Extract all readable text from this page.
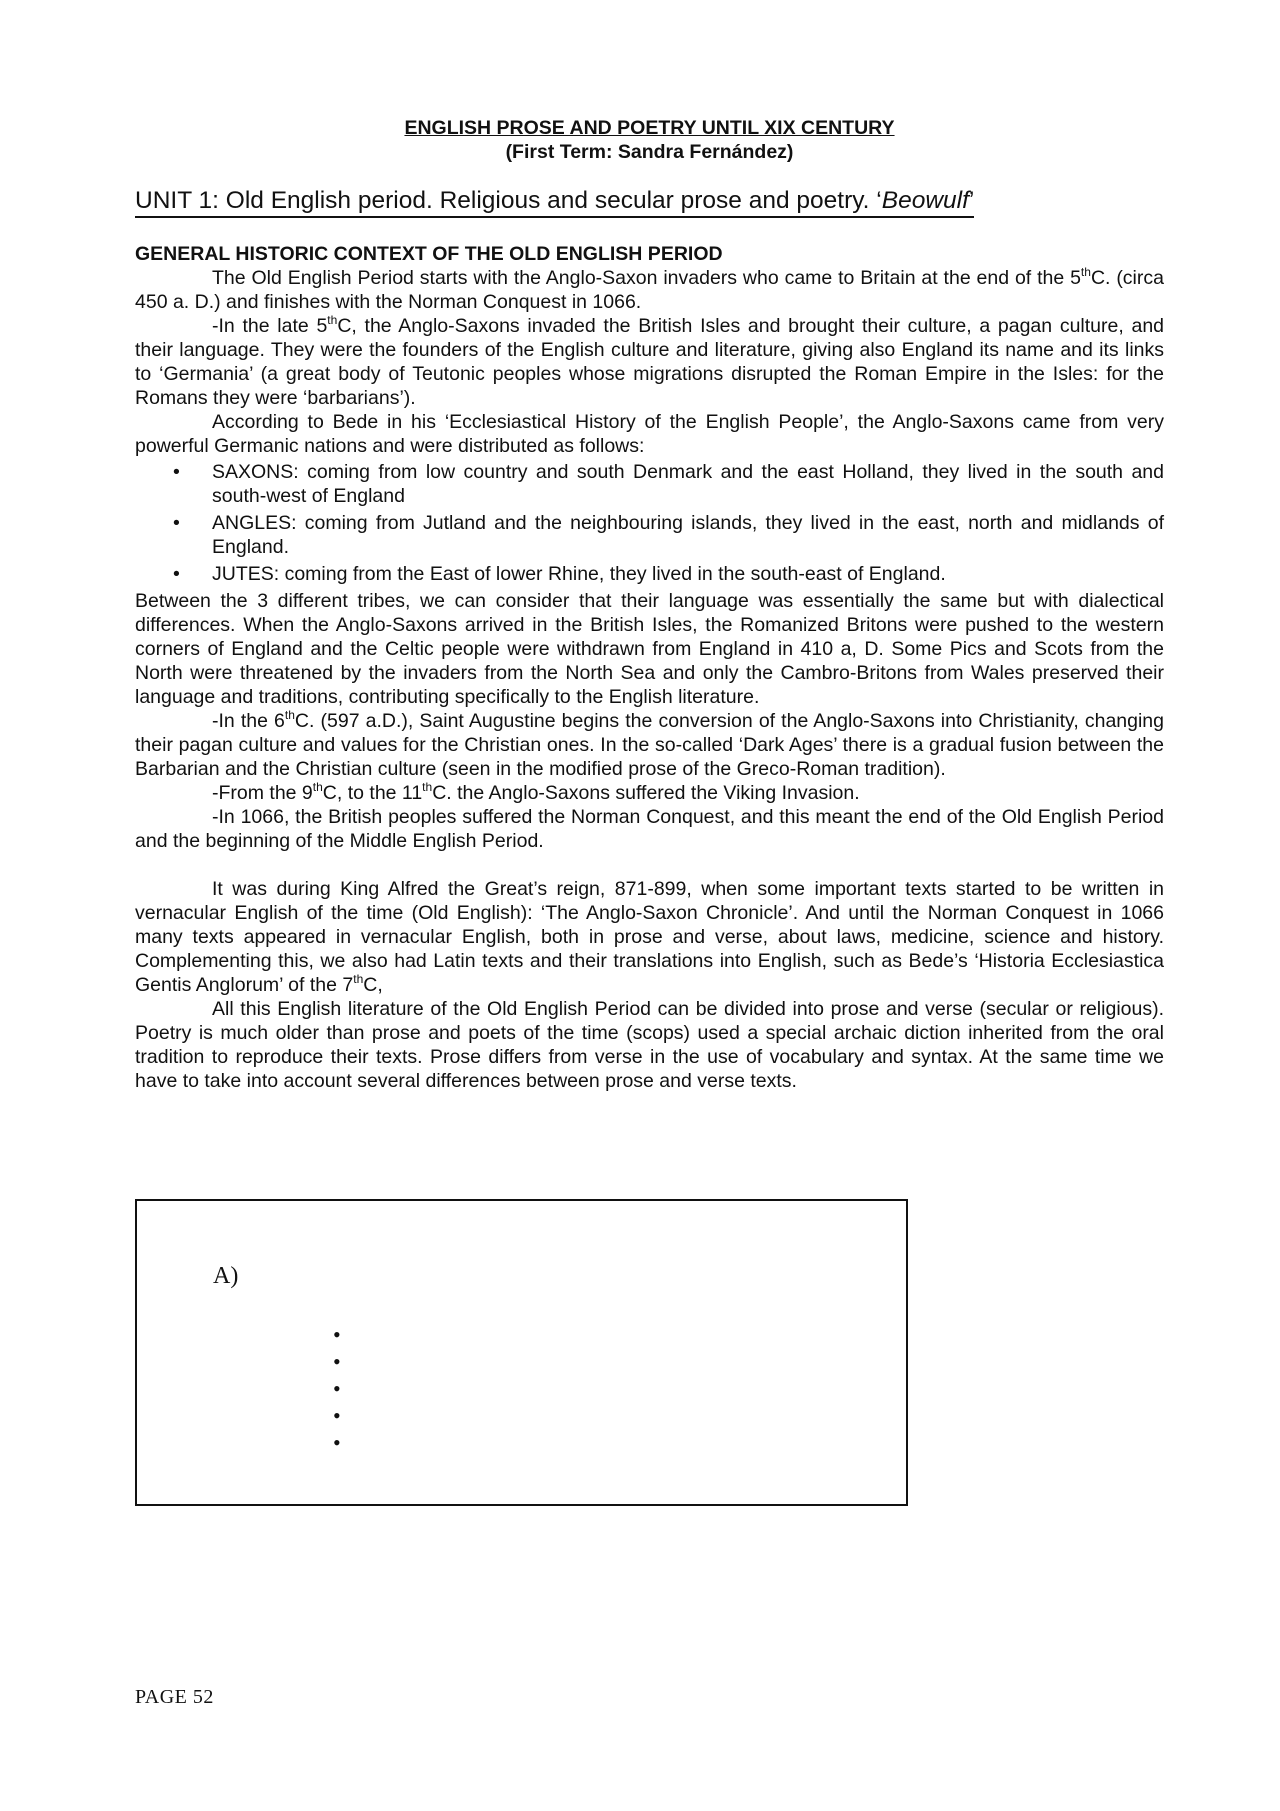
ENGLISH PROSE AND POETRY UNTIL XIX CENTURY
(First Term: Sandra Fernández)
UNIT 1: Old English period. Religious and secular prose and poetry. ‘Beowulf’
GENERAL HISTORIC CONTEXT OF THE OLD ENGLISH PERIOD

The Old English Period starts with the Anglo-Saxon invaders who came to Britain at the end of the 5thC. (circa 450 a. D.) and finishes with the Norman Conquest in 1066.

-In the late 5thC, the Anglo-Saxons invaded the British Isles and brought their culture, a pagan culture, and their language. They were the founders of the English culture and literature, giving also England its name and its links to ‘Germania’ (a great body of Teutonic peoples whose migrations disrupted the Roman Empire in the Isles: for the Romans they were ‘barbarians’).

According to Bede in his ‘Ecclesiastical History of the English People’, the Anglo-Saxons came from very powerful Germanic nations and were distributed as follows:

• SAXONS: coming from low country and south Denmark and the east Holland, they lived in the south and south-west of England
• ANGLES: coming from Jutland and the neighbouring islands, they lived in the east, north and midlands of England.
• JUTES: coming from the East of lower Rhine, they lived in the south-east of England.

Between the 3 different tribes, we can consider that their language was essentially the same but with dialectical differences. When the Anglo-Saxons arrived in the British Isles, the Romanized Britons were pushed to the western corners of England and the Celtic people were withdrawn from England in 410 a, D. Some Pics and Scots from the North were threatened by the invaders from the North Sea and only the Cambro-Britons from Wales preserved their language and traditions, contributing specifically to the English literature.

-In the 6thC. (597 a.D.), Saint Augustine begins the conversion of the Anglo-Saxons into Christianity, changing their pagan culture and values for the Christian ones. In the so-called ‘Dark Ages’ there is a gradual fusion between the Barbarian and the Christian culture (seen in the modified prose of the Greco-Roman tradition).

-From the 9thC, to the 11thC. the Anglo-Saxons suffered the Viking Invasion.

-In 1066, the British peoples suffered the Norman Conquest, and this meant the end of the Old English Period and the beginning of the Middle English Period.

It was during King Alfred the Great’s reign, 871-899, when some important texts started to be written in vernacular English of the time (Old English): ‘The Anglo-Saxon Chronicle’. And until the Norman Conquest in 1066 many texts appeared in vernacular English, both in prose and verse, about laws, medicine, science and history. Complementing this, we also had Latin texts and their translations into English, such as Bede’s ‘Historia Ecclesiastica Gentis Anglorum’ of the 7thC,

All this English literature of the Old English Period can be divided into prose and verse (secular or religious). Poetry is much older than prose and poets of the time (scops) used a special archaic diction inherited from the oral tradition to reproduce their texts. Prose differs from verse in the use of vocabulary and syntax. At the same time we have to take into account several differences between prose and verse texts.

A)
•
•
•
•
•
PAGE 52
